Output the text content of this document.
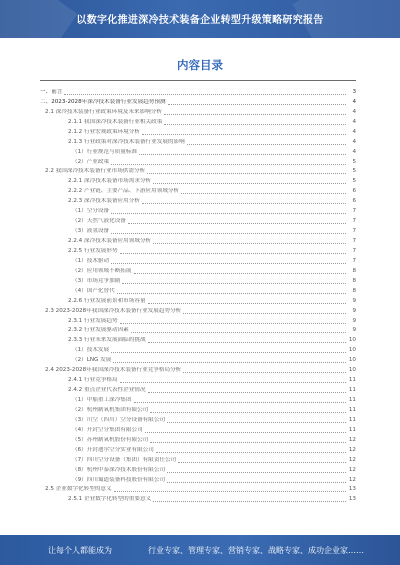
以数字化推进深冷技术装备企业转型升级策略研究报告
内容目录
一、前言	3
二、2023-2028年深冷技术装备行业发展趋势预测	4
2.1 深冷技术装备行业政策环境及未来影响分析	4
2.1.1 我国深冷技术装备行业相关政策	4
2.1.2 行业宏观政策环境分析	4
2.1.3 行业政策对深冷技术装备行业发展的影响	4
（1）行业规范与质量标准	4
（2）产业政策	5
2.2 我国深冷技术装备行业市场供需分析	5
2.2.1 深冷技术装备市场需求分析	5
2.2.2 产业链、主要产品、下游应用领域分析	6
2.2.3 深冷技术装备应用分析	6
（1）空分设备	7
（2）天然气液化设备	7
（3）液氢设备	7
2.2.4 深冷技术装备应用领域分析	7
2.2.5 行业发展形势	7
（1）技术驱动	7
（2）应用领域不断拓展	8
（3）市场竞争加剧	8
（4）国产化替代	8
2.2.6 行业发展前景和市场容量	9
2.3 2023-2028年我国深冷技术装备行业发展趋势分析	9
2.3.1 行业发展趋势	9
2.3.2 行业发展驱动因素	9
2.3.3 行业未来发展面临的挑战	10
（1）技术发展	10
（2）LNG 发展	10
2.4 2023-2028年我国深冷技术装备行业竞争格局分析	10
2.4.1 行业竞争格局	11
2.4.2 重点企业代表性企业情况	11
（1）中船重工深冷集团	11
（2）杭州制氧机集团有限公司	11
（3）川空（四川）空分设备有限公司	11
（4）开封空分集团有限公司	11
（5）苏州制氧机股份有限公司	12
（6）开封迪尔空分实业有限公司	12
（7）四川空分设备（集团）有限责任公司	12
（8）杭州中泰深冷技术股份有限公司	12
（9）四川蜀道装备科技股份有限公司	12
2.5 企业数字化转型的意义	13
2.5.1 企业数字化转型的重要意义	13
让每个人都能成为	行业专家、管理专家、营销专家、战略专家、成功企业家……
